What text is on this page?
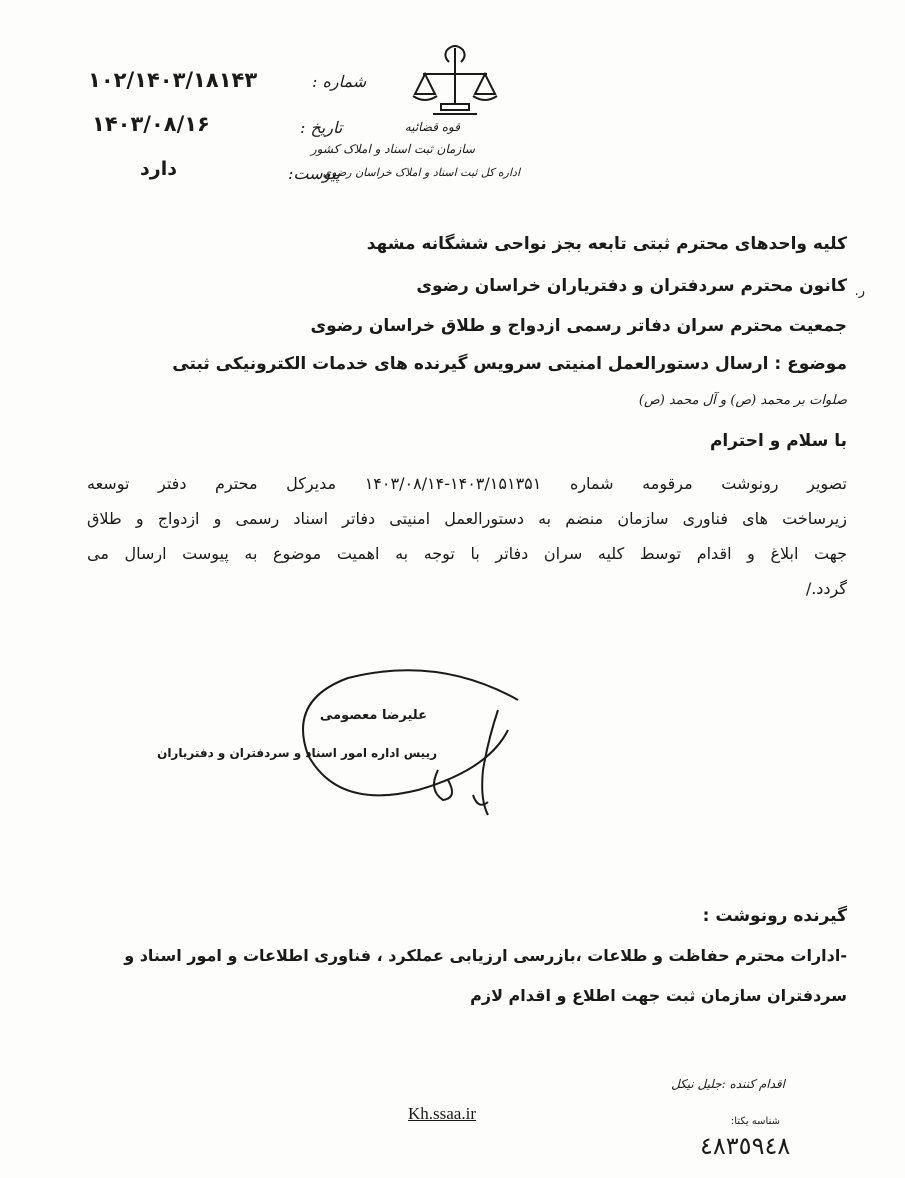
قوه قضائیه
سازمان ثبت اسناد و املاک کشور
اداره کل ثبت اسناد و املاک خراسان رضوی
شماره :
تاریخ :
پیوست:
۱۰۲/۱۴۰۳/۱۸۱۴۳
۱۴۰۳/۰۸/۱۶
دارد
کلیه واحدهای محترم ثبتی تابعه بجز نواحی ششگانه مشهد
ر.
کانون محترم سردفتران و دفتریاران خراسان رضوی
جمعیت محترم سران دفاتر رسمی ازدواج و طلاق خراسان رضوی
موضوع : ارسال دستورالعمل امنیتی سرویس گیرنده های خدمات الکترونیکی ثبتی
صلوات بر محمد (ص) و آل محمد (ص)
با سلام و احترام
تصویر رونوشت مرقومه شماره ۱۴۰۳/۱۵۱۳۵۱-۱۴۰۳/۰۸/۱۴ مدیرکل محترم دفتر توسعه
زیرساخت های فناوری سازمان منضم به دستورالعمل امنیتی دفاتر اسناد رسمی و ازدواج و طلاق
جهت ابلاغ و اقدام توسط کلیه سران دفاتر با توجه به اهمیت موضوع به پیوست ارسال می
گردد./
علیرضا معصومی
رییس اداره امور اسناد و سردفتران و دفتریاران
گیرنده رونوشت :
-ادارات محترم حفاظت و طلاعات ،بازرسی ارزیابی عملکرد ، فناوری اطلاعات و امور اسناد و
سردفتران سازمان ثبت جهت اطلاع و اقدام لازم
اقدام کننده :جلیل نیکل
Kh.ssaa.ir	شناسه یکتا:
٤٨٣٥٩٤٨
